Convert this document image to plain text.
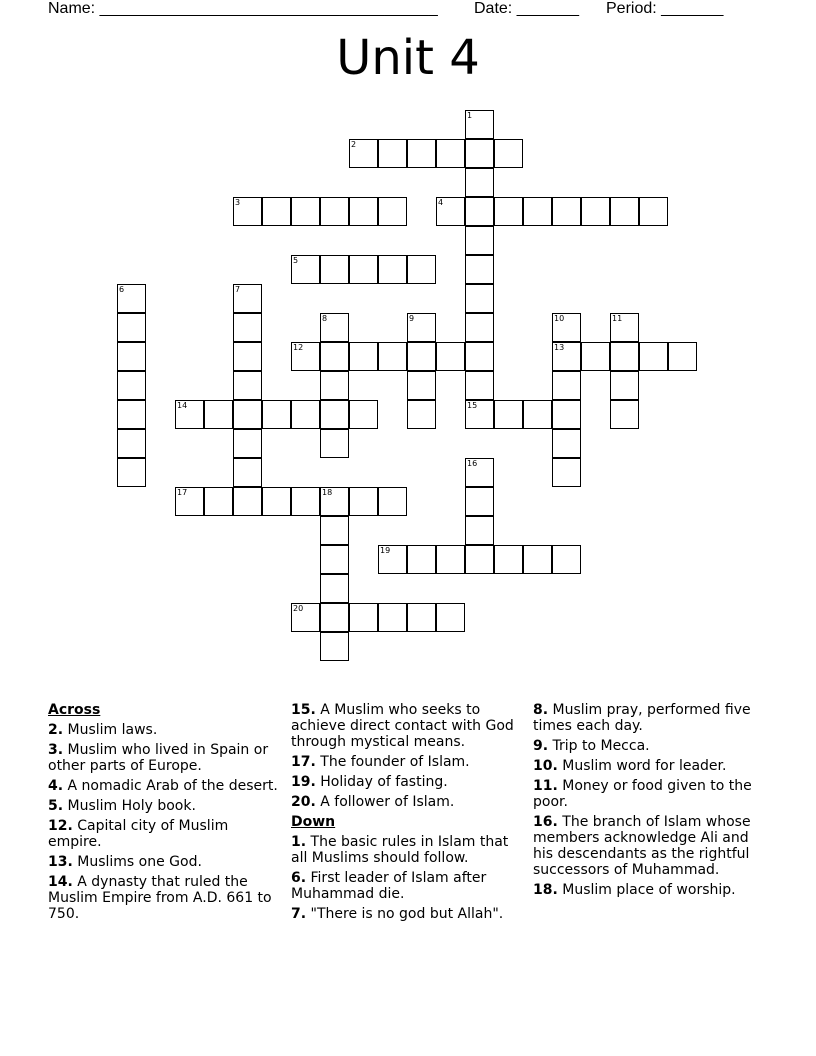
Name: ______________________________________ Date: _______ Period: _______
Unit 4
1
2
3	4
5
6	7
8	9	10	11
12	13
14	15
16
17	18
19
20
Across
2. Muslim laws.
3. Muslim who lived in Spain or other parts of Europe.
4. A nomadic Arab of the desert.
5. Muslim Holy book.
12. Capital city of Muslim empire.
13. Muslims one God.
14. A dynasty that ruled the Muslim Empire from A.D. 661 to 750.
15. A Muslim who seeks to achieve direct contact with God through mystical means.
17. The founder of Islam.
19. Holiday of fasting.
20. A follower of Islam.
Down
1. The basic rules in Islam that all Muslims should follow.
6. First leader of Islam after Muhammad die.
7. "There is no god but Allah".
8. Muslim pray, performed five times each day.
9. Trip to Mecca.
10. Muslim word for leader.
11. Money or food given to the poor.
16. The branch of Islam whose members acknowledge Ali and his descendants as the rightful successors of Muhammad.
18. Muslim place of worship.
